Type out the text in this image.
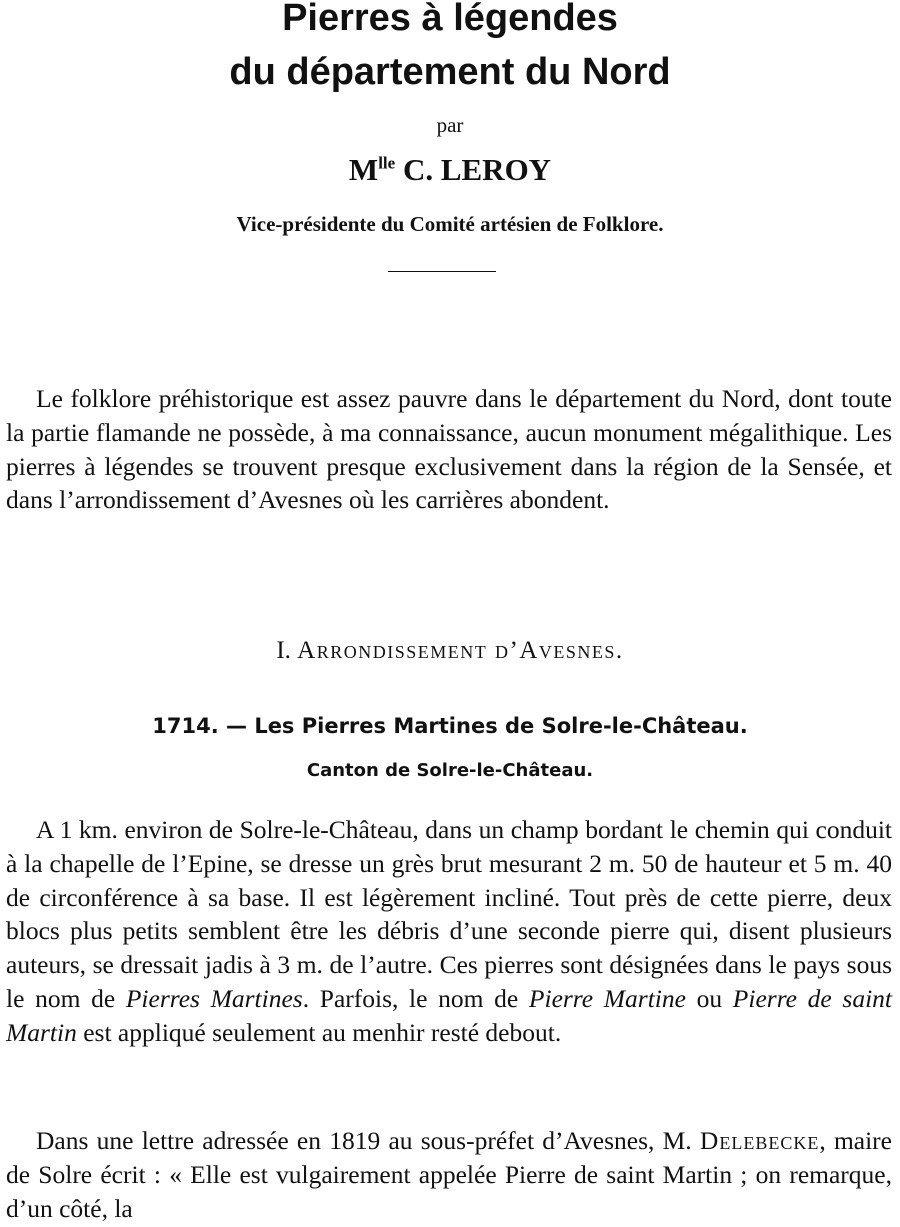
Pierres à légendes
du département du Nord
par
$M^{lle}$ C. LEROY
Vice-présidente du Comité artésien de Folklore.

Le folklore préhistorique est assez pauvre dans le département du Nord, dont toute la partie flamande ne possède, à ma connaissance, aucun monument mégalithique. Les pierres à légendes se trouvent presque exclusivement dans la région de la Sensée, et dans l’arrondissement d’Avesnes où les carrières abondent.

I. Arrondissement d’Avesnes.
1714. — Les Pierres Martines de Solre-le-Château.
Canton de Solre-le-Château.

A 1 km. environ de Solre-le-Château, dans un champ bordant le chemin qui conduit à la chapelle de l’Epine, se dresse un grès brut mesurant 2 m. 50 de hauteur et 5 m. 40 de circonférence à sa base. Il est légèrement incliné. Tout près de cette pierre, deux blocs plus petits semblent être les débris d’une seconde pierre qui, disent plusieurs auteurs, se dressait jadis à 3 m. de l’autre. Ces pierres sont désignées dans le pays sous le nom de Pierres Martines. Parfois, le nom de Pierre Martine ou Pierre de saint Martin est appliqué seulement au menhir resté debout.

Dans une lettre adressée en 1819 au sous-préfet d’Avesnes, M. Delebecke, maire de Solre écrit : « Elle est vulgairement appelée Pierre de saint Martin ; on remarque, d’un côté, la
